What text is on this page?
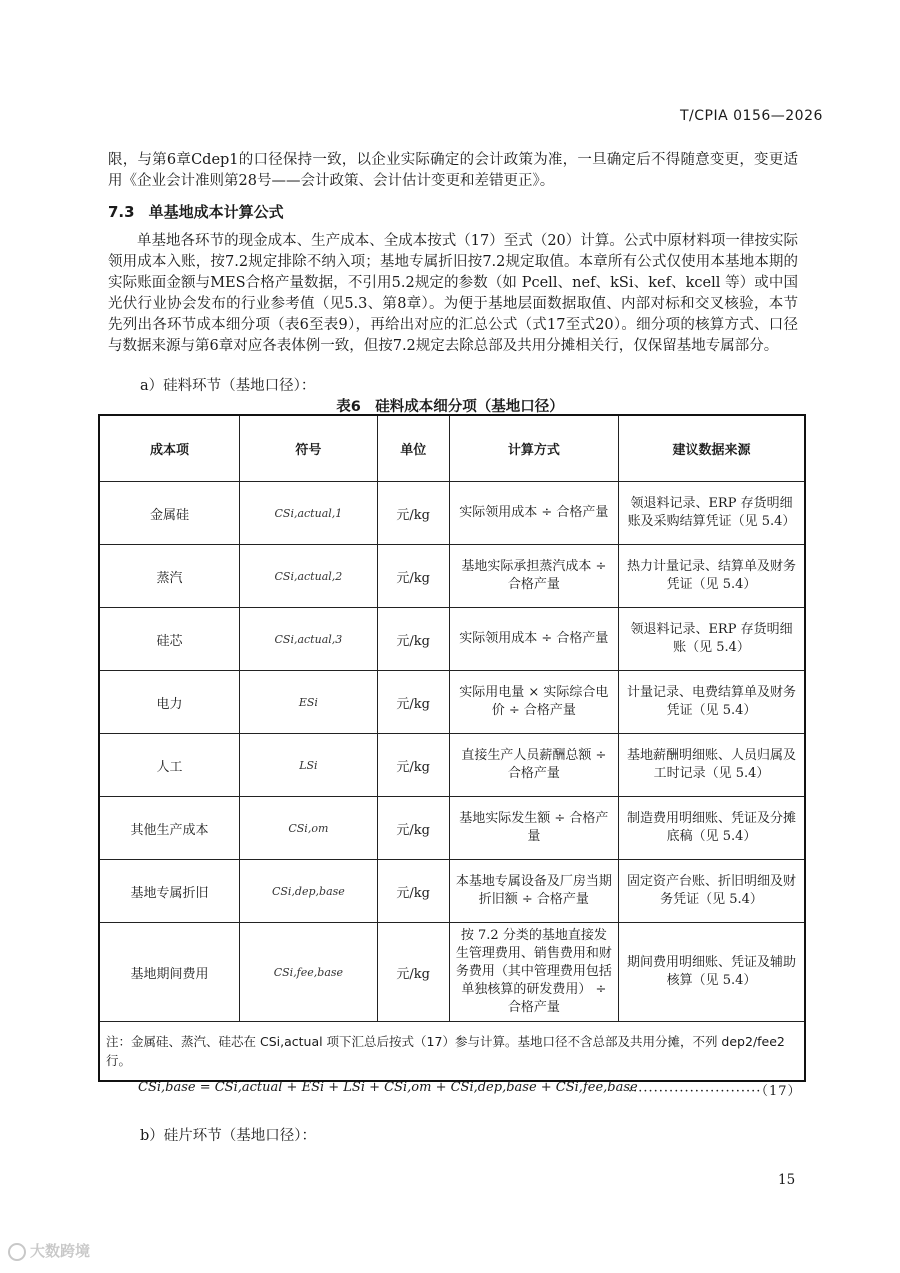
T/CPIA 0156—2026
限，与第6章Cdep1的口径保持一致，以企业实际确定的会计政策为准，一旦确定后不得随意变更，变更适用《企业会计准则第28号——会计政策、会计估计变更和差错更正》。
7.3 单基地成本计算公式
单基地各环节的现金成本、生产成本、全成本按式（17）至式（20）计算。公式中原材料项一律按实际领用成本入账，按7.2规定排除不纳入项；基地专属折旧按7.2规定取值。本章所有公式仅使用本基地本期的实际账面金额与MES合格产量数据，不引用5.2规定的参数（如 Pcell、nef、kSi、kef、kcell 等）或中国光伏行业协会发布的行业参考值（见5.3、第8章）。为便于基地层面数据取值、内部对标和交叉核验，本节先列出各环节成本细分项（表6至表9），再给出对应的汇总公式（式17至式20）。细分项的核算方式、口径与数据来源与第6章对应各表体例一致，但按7.2规定去除总部及共用分摊相关行，仅保留基地专属部分。
a）硅料环节（基地口径）：
表6　硅料成本细分项（基地口径）
成本项	符号	单位	计算方式	建议数据来源
金属硅	CSi,actual,1	元/kg	实际领用成本 ÷ 合格产量	领退料记录、ERP 存货明细账及采购结算凭证（见 5.4）
蒸汽	CSi,actual,2	元/kg	基地实际承担蒸汽成本 ÷ 合格产量	热力计量记录、结算单及财务凭证（见 5.4）
硅芯	CSi,actual,3	元/kg	实际领用成本 ÷ 合格产量	领退料记录、ERP 存货明细账（见 5.4）
电力	ESi	元/kg	实际用电量 × 实际综合电价 ÷ 合格产量	计量记录、电费结算单及财务凭证（见 5.4）
人工	LSi	元/kg	直接生产人员薪酬总额 ÷ 合格产量	基地薪酬明细账、人员归属及工时记录（见 5.4）
其他生产成本	CSi,om	元/kg	基地实际发生额 ÷ 合格产量	制造费用明细账、凭证及分摊底稿（见 5.4）
基地专属折旧	CSi,dep,base	元/kg	本基地专属设备及厂房当期折旧额 ÷ 合格产量	固定资产台账、折旧明细及财务凭证（见 5.4）
基地期间费用	CSi,fee,base	元/kg	按 7.2 分类的基地直接发生管理费用、销售费用和财务费用（其中管理费用包括单独核算的研发费用） ÷ 合格产量	期间费用明细账、凭证及辅助核算（见 5.4）
注：金属硅、蒸汽、硅芯在 CSi,actual 项下汇总后按式（17）参与计算。基地口径不含总部及共用分摊，不列 dep2/fee2 行。				
CSi,base = CSi,actual + ESi + LSi + CSi,om + CSi,dep,base + CSi,fee,base
··························（17）
b）硅片环节（基地口径）：
15
大数跨境
